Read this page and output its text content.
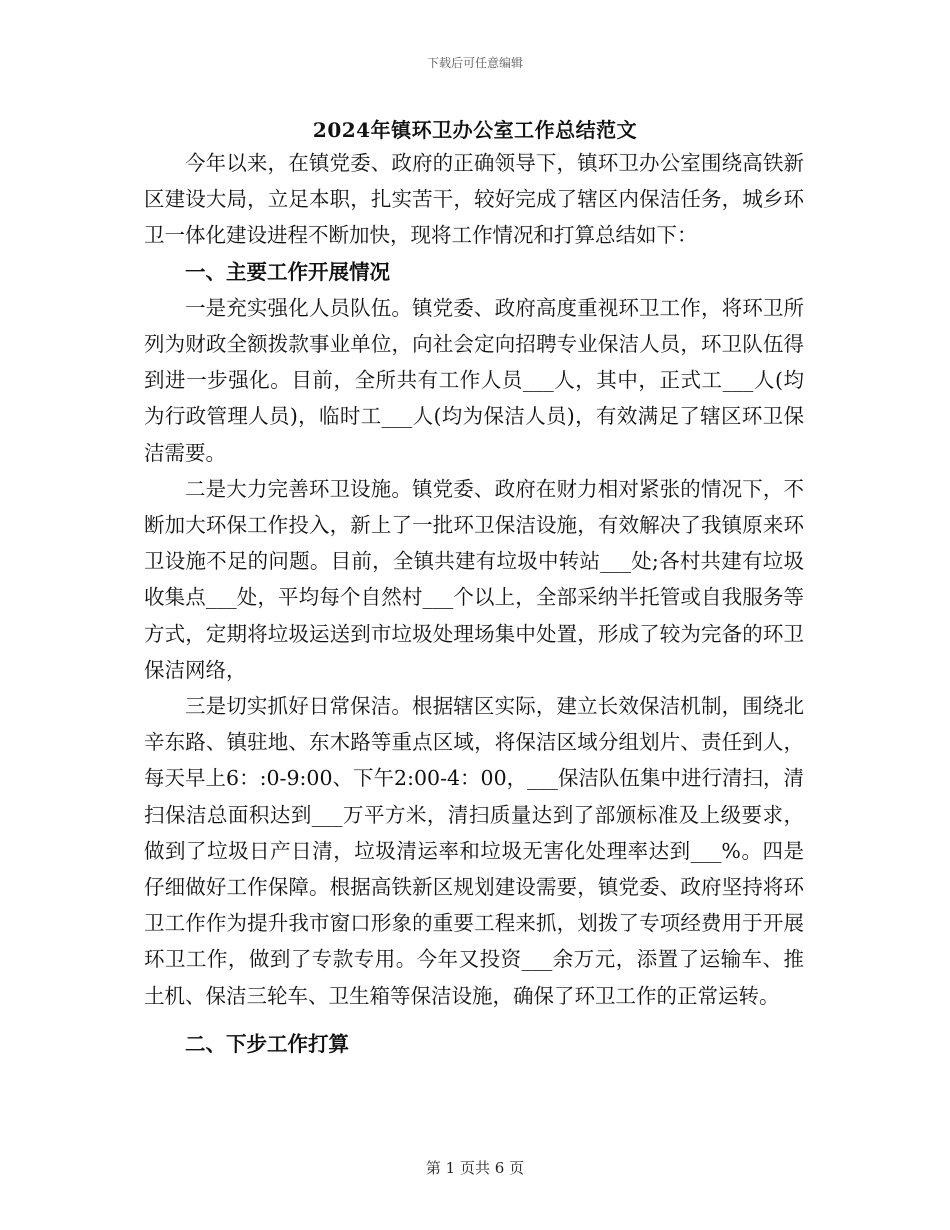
下载后可任意编辑
2024年镇环卫办公室工作总结范文

今年以来，在镇党委、政府的正确领导下，镇环卫办公室围绕高铁新区建设大局，立足本职，扎实苦干，较好完成了辖区内保洁任务，城乡环卫一体化建设进程不断加快，现将工作情况和打算总结如下：

一、主要工作开展情况

一是充实强化人员队伍。镇党委、政府高度重视环卫工作，将环卫所列为财政全额拨款事业单位，向社会定向招聘专业保洁人员，环卫队伍得到进一步强化。目前，全所共有工作人员___人，其中，正式工___人(均为行政管理人员)，临时工___人(均为保洁人员)，有效满足了辖区环卫保洁需要。

二是大力完善环卫设施。镇党委、政府在财力相对紧张的情况下，不断加大环保工作投入，新上了一批环卫保洁设施，有效解决了我镇原来环卫设施不足的问题。目前，全镇共建有垃圾中转站___处;各村共建有垃圾收集点___处，平均每个自然村___个以上，全部采纳半托管或自我服务等方式，定期将垃圾运送到市垃圾处理场集中处置，形成了较为完备的环卫保洁网络，

三是切实抓好日常保洁。根据辖区实际，建立长效保洁机制，围绕北辛东路、镇驻地、东木路等重点区域，将保洁区域分组划片、责任到人，每天早上6：:0-9:00、下午2:00-4：00，___保洁队伍集中进行清扫，清扫保洁总面积达到___万平方米，清扫质量达到了部颁标准及上级要求，做到了垃圾日产日清，垃圾清运率和垃圾无害化处理率达到___%。四是仔细做好工作保障。根据高铁新区规划建设需要，镇党委、政府坚持将环卫工作作为提升我市窗口形象的重要工程来抓，划拨了专项经费用于开展环卫工作，做到了专款专用。今年又投资___余万元，添置了运输车、推土机、保洁三轮车、卫生箱等保洁设施，确保了环卫工作的正常运转。

二、下步工作打算

第 1 页共 6 页
